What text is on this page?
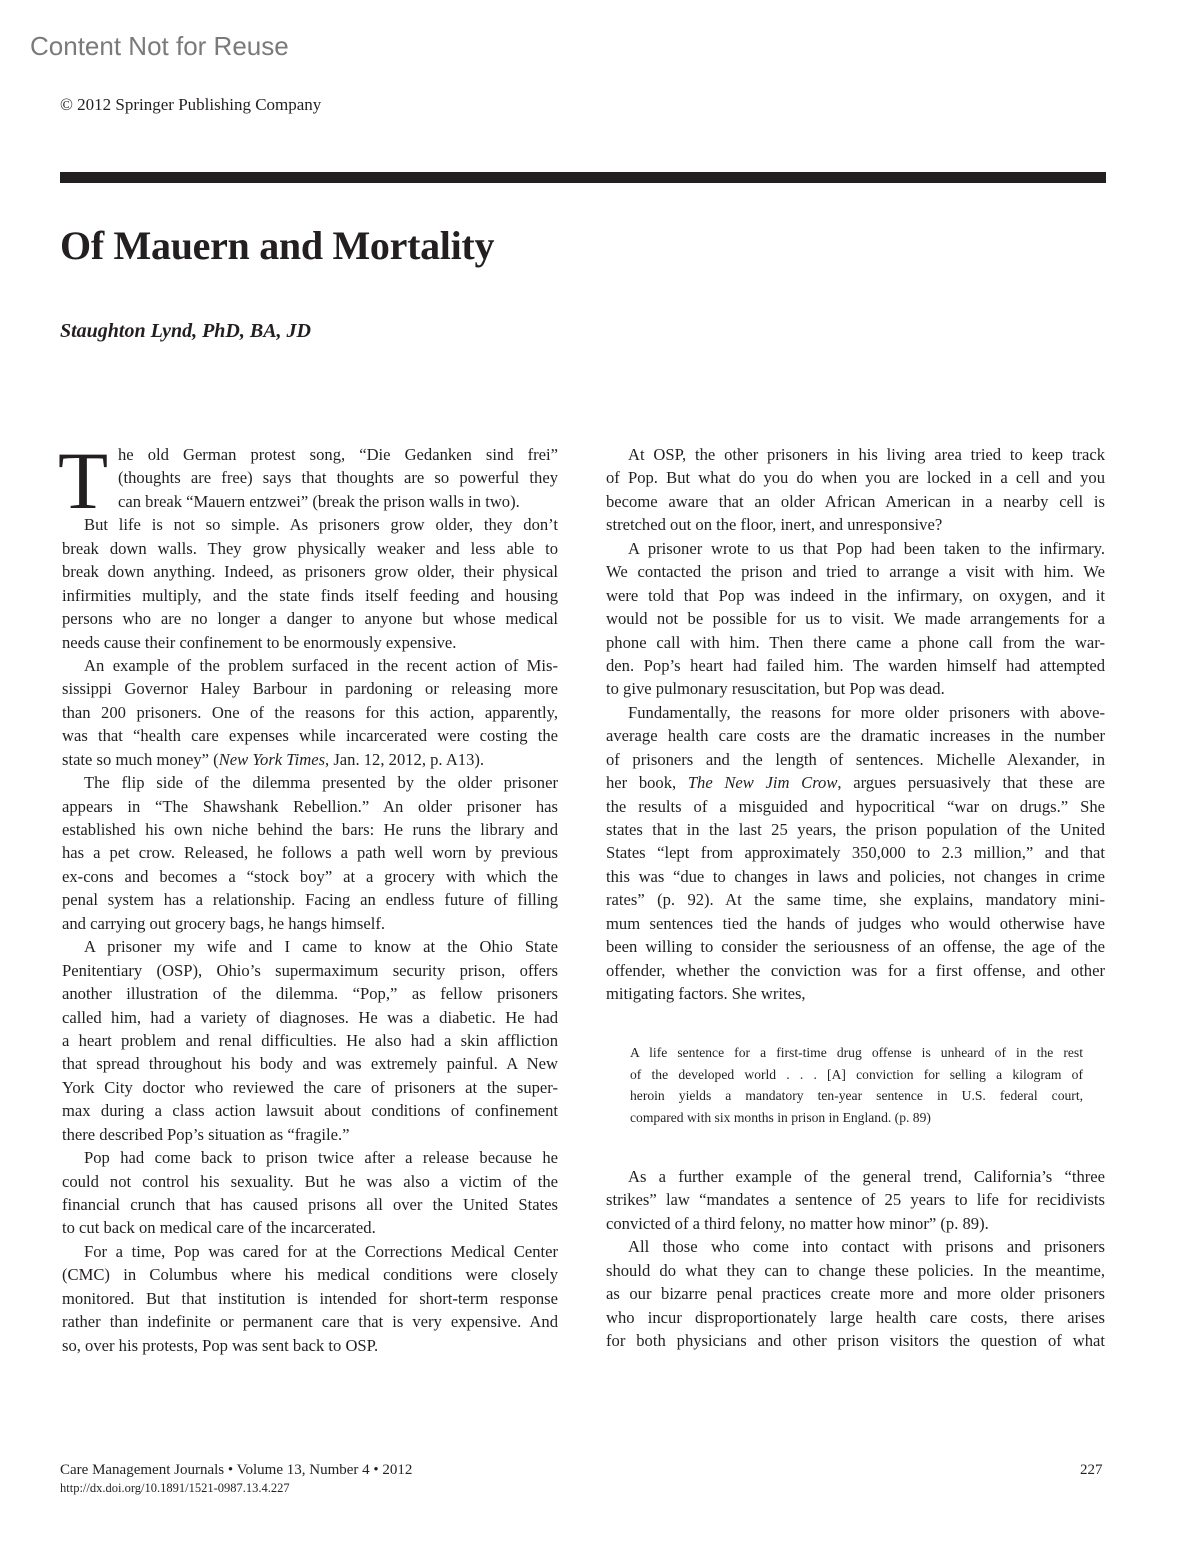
Content Not for Reuse
© 2012 Springer Publishing Company
Of Mauern and Mortality
Staughton Lynd, PhD, BA, JD
T he old German protest song, “Die Gedanken sind frei”
(thoughts are free) says that thoughts are so powerful they
can break “Mauern entzwei” (break the prison walls in two).
But life is not so simple. As prisoners grow older, they don’t
break down walls. They grow physically weaker and less able to
break down anything. Indeed, as prisoners grow older, their physical
infirmities multiply, and the state finds itself feeding and housing
persons who are no longer a danger to anyone but whose medical
needs cause their confinement to be enormously expensive.
An example of the problem surfaced in the recent action of Mis-
sissippi Governor Haley Barbour in pardoning or releasing more
than 200 prisoners. One of the reasons for this action, apparently,
was that “health care expenses while incarcerated were costing the
state so much money” (New York Times, Jan. 12, 2012, p. A13).
The flip side of the dilemma presented by the older prisoner
appears in “The Shawshank Rebellion.” An older prisoner has
established his own niche behind the bars: He runs the library and
has a pet crow. Released, he follows a path well worn by previous
ex-cons and becomes a “stock boy” at a grocery with which the
penal system has a relationship. Facing an endless future of filling
and carrying out grocery bags, he hangs himself.
A prisoner my wife and I came to know at the Ohio State
Penitentiary (OSP), Ohio’s supermaximum security prison, offers
another illustration of the dilemma. “Pop,” as fellow prisoners
called him, had a variety of diagnoses. He was a diabetic. He had
a heart problem and renal difficulties. He also had a skin affliction
that spread throughout his body and was extremely painful. A New
York City doctor who reviewed the care of prisoners at the super-
max during a class action lawsuit about conditions of confinement
there described Pop’s situation as “fragile.”
Pop had come back to prison twice after a release because he
could not control his sexuality. But he was also a victim of the
financial crunch that has caused prisons all over the United States
to cut back on medical care of the incarcerated.
For a time, Pop was cared for at the Corrections Medical Center
(CMC) in Columbus where his medical conditions were closely
monitored. But that institution is intended for short-term response
rather than indefinite or permanent care that is very expensive. And
so, over his protests, Pop was sent back to OSP.
At OSP, the other prisoners in his living area tried to keep track
of Pop. But what do you do when you are locked in a cell and you
become aware that an older African American in a nearby cell is
stretched out on the floor, inert, and unresponsive?
A prisoner wrote to us that Pop had been taken to the infirmary.
We contacted the prison and tried to arrange a visit with him. We
were told that Pop was indeed in the infirmary, on oxygen, and it
would not be possible for us to visit. We made arrangements for a
phone call with him. Then there came a phone call from the war-
den. Pop’s heart had failed him. The warden himself had attempted
to give pulmonary resuscitation, but Pop was dead.
Fundamentally, the reasons for more older prisoners with above-
average health care costs are the dramatic increases in the number
of prisoners and the length of sentences. Michelle Alexander, in
her book, The New Jim Crow, argues persuasively that these are
the results of a misguided and hypocritical “war on drugs.” She
states that in the last 25 years, the prison population of the United
States “lept from approximately 350,000 to 2.3 million,” and that
this was “due to changes in laws and policies, not changes in crime
rates” (p. 92). At the same time, she explains, mandatory mini-
mum sentences tied the hands of judges who would otherwise have
been willing to consider the seriousness of an offense, the age of the
offender, whether the conviction was for a first offense, and other
mitigating factors. She writes,
A life sentence for a first-time drug offense is unheard of in the rest
of the developed world . . . [A] conviction for selling a kilogram of
heroin yields a mandatory ten-year sentence in U.S. federal court,
compared with six months in prison in England. (p. 89)
As a further example of the general trend, California’s “three
strikes” law “mandates a sentence of 25 years to life for recidivists
convicted of a third felony, no matter how minor” (p. 89).
All those who come into contact with prisons and prisoners
should do what they can to change these policies. In the meantime,
as our bizarre penal practices create more and more older prisoners
who incur disproportionately large health care costs, there arises
for both physicians and other prison visitors the question of what
Care Management Journals • Volume 13, Number 4 • 2012
http://dx.doi.org/10.1891/1521-0987.13.4.227
227
